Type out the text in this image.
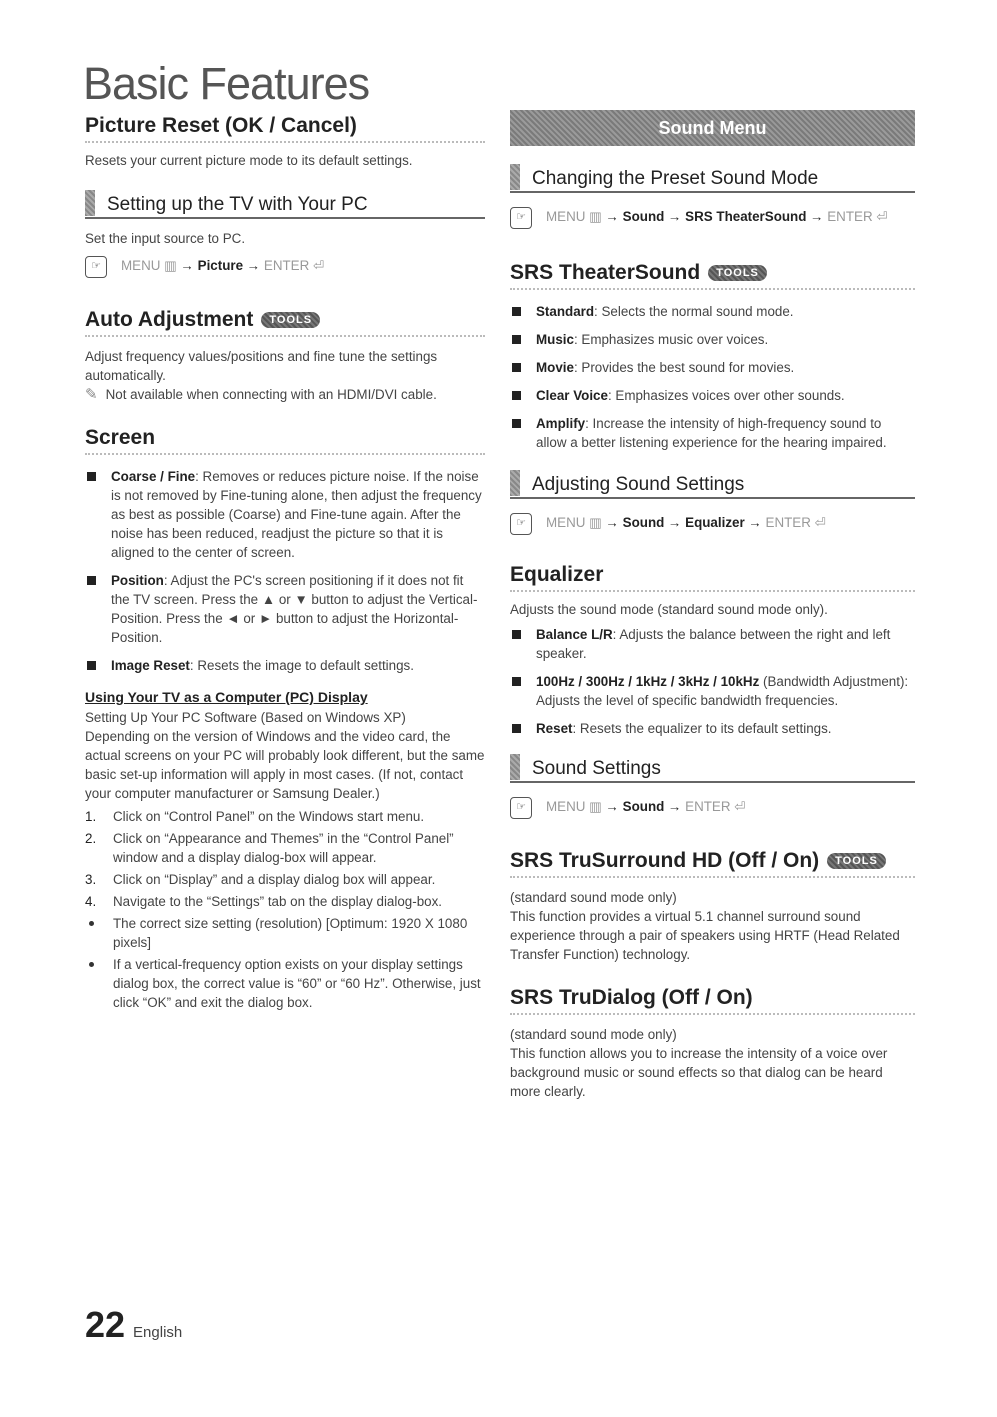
Basic Features
Picture Reset (OK / Cancel)

Resets your current picture mode to its default settings.

Setting up the TV with Your PC

Set the input source to PC.

☞	MENU ▥ → Picture → ENTER ⏎
Auto Adjustment	TOOLS

Adjust frequency values/positions and fine tune the settings automatically.

✎ Not available when connecting with an HDMI/DVI cable.
Screen
Coarse / Fine: Removes or reduces picture noise. If the noise is not removed by Fine-tuning alone, then adjust the frequency as best as possible (Coarse) and Fine-tune again. After the noise has been reduced, readjust the picture so that it is aligned to the center of screen.
Position: Adjust the PC's screen positioning if it does not fit the TV screen. Press the ▲ or ▼ button to adjust the Vertical-Position. Press the ◄ or ► button to adjust the Horizontal-Position.
Image Reset: Resets the image to default settings.
Using Your TV as a Computer (PC) Display

Setting Up Your PC Software (Based on Windows XP)

Depending on the version of Windows and the video card, the actual screens on your PC will probably look different, but the same basic set-up information will apply in most cases. (If not, contact your computer manufacturer or Samsung Dealer.)

1. Click on “Control Panel” on the Windows start menu.
2. Click on “Appearance and Themes” in the “Control Panel” window and a display dialog-box will appear.
3. Click on “Display” and a display dialog box will appear.
4. Navigate to the “Settings” tab on the display dialog-box.
The correct size setting (resolution) [Optimum: 1920 X 1080 pixels]
If a vertical-frequency option exists on your display settings dialog box, the correct value is “60” or “60 Hz”. Otherwise, just click “OK” and exit the dialog box.
Sound Menu
Changing the Preset Sound Mode
☞	MENU ▥ → Sound → SRS TheaterSound → ENTER ⏎
SRS TheaterSound	TOOLS
Standard: Selects the normal sound mode.
Music: Emphasizes music over voices.
Movie: Provides the best sound for movies.
Clear Voice: Emphasizes voices over other sounds.
Amplify: Increase the intensity of high-frequency sound to allow a better listening experience for the hearing impaired.
Adjusting Sound Settings
☞	MENU ▥ → Sound → Equalizer → ENTER ⏎
Equalizer

Adjusts the sound mode (standard sound mode only).

Balance L/R: Adjusts the balance between the right and left speaker.
100Hz / 300Hz / 1kHz / 3kHz / 10kHz (Bandwidth Adjustment): Adjusts the level of specific bandwidth frequencies.
Reset: Resets the equalizer to its default settings.
Sound Settings
☞	MENU ▥ → Sound → ENTER ⏎
SRS TruSurround HD (Off / On)	TOOLS

(standard sound mode only)

This function provides a virtual 5.1 channel surround sound experience through a pair of speakers using HRTF (Head Related Transfer Function) technology.

SRS TruDialog (Off / On)

(standard sound mode only)

This function allows you to increase the intensity of a voice over background music or sound effects so that dialog can be heard more clearly.

22 English
